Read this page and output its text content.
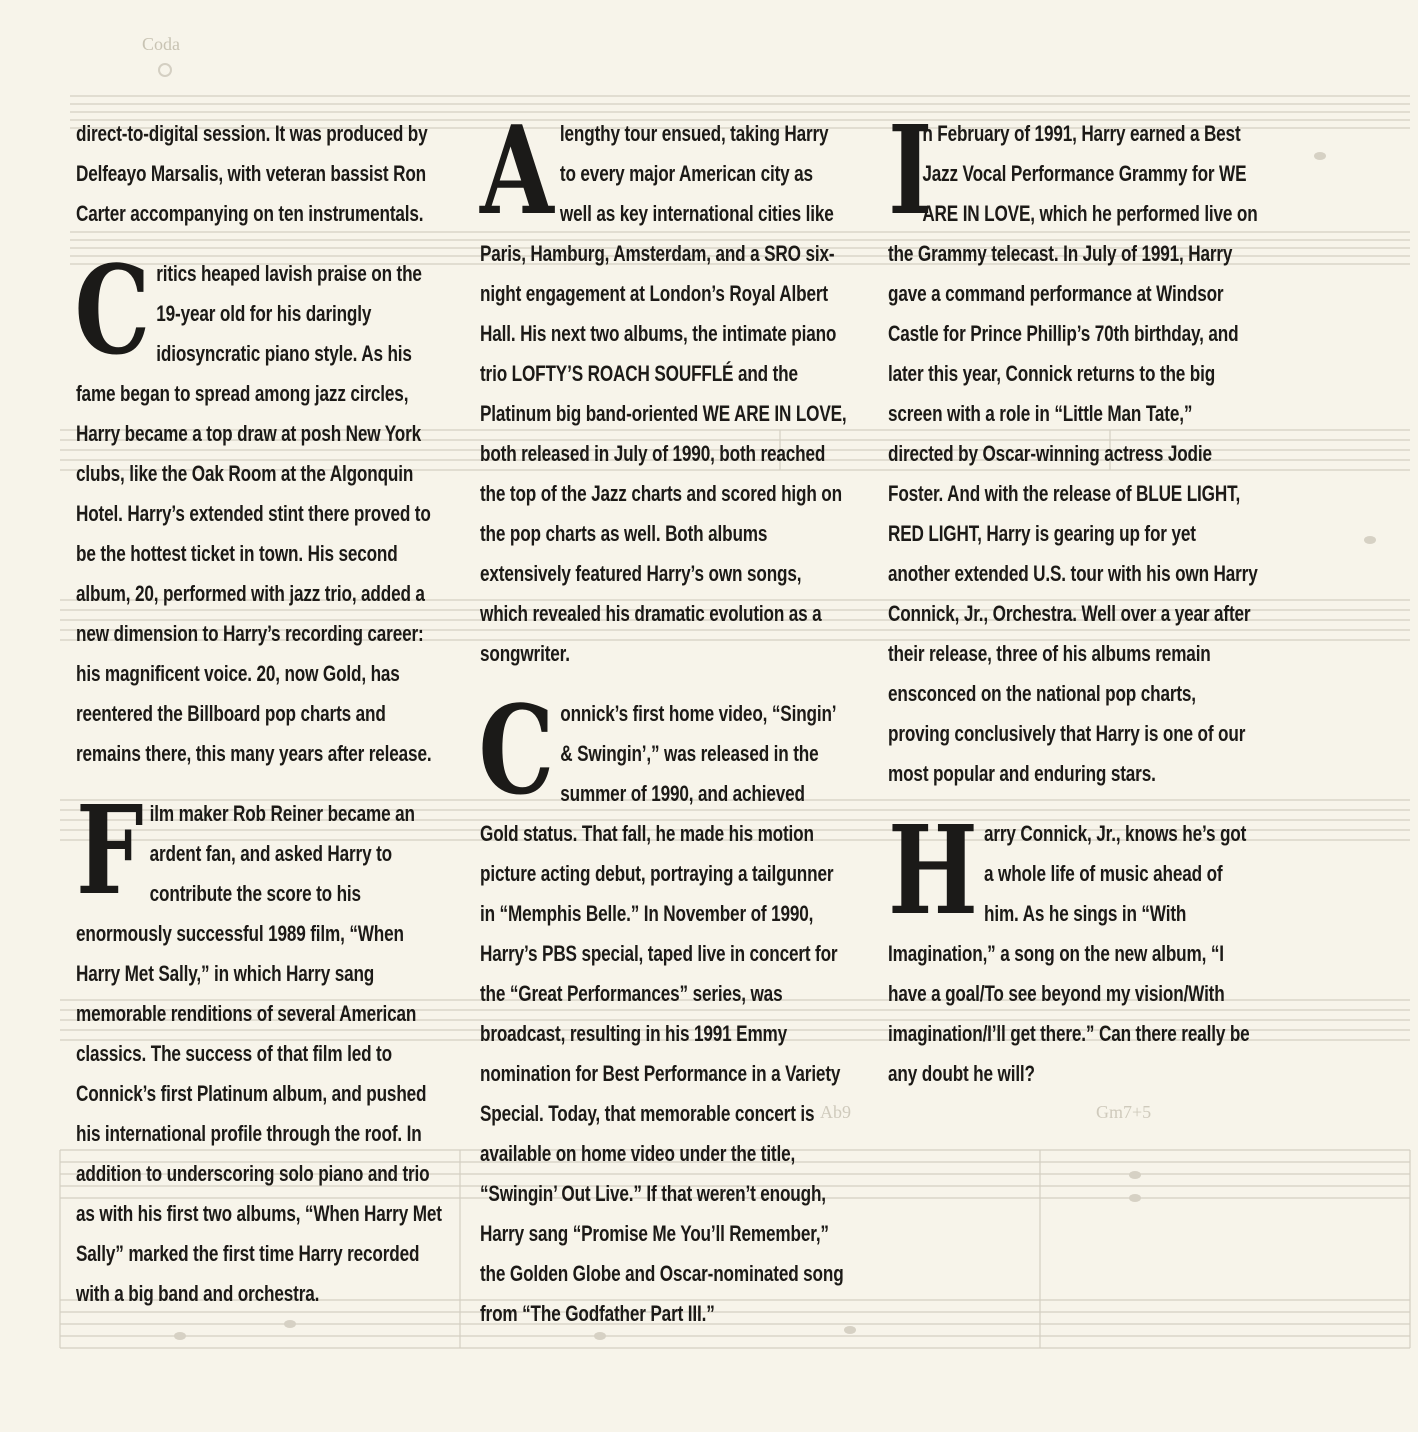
Ab9	Gm7+5
Coda

direct-to-digital session. It was produced by Delfeayo Marsalis, with veteran bassist Ron Carter accompanying on ten instrumentals.

Critics heaped lavish praise on the 19-year old for his daringly idiosyncratic piano style. As his fame began to spread among jazz circles, Harry became a top draw at posh New York clubs, like the Oak Room at the Algonquin Hotel. Harry’s extended stint there proved to be the hottest ticket in town. His second album, 20, performed with jazz trio, added a new dimension to Harry’s recording career: his magnificent voice. 20, now Gold, has reentered the Billboard pop charts and remains there, this many years after release.

Film maker Rob Reiner became an ardent fan, and asked Harry to contribute the score to his enormously successful 1989 film, “When Harry Met Sally,” in which Harry sang memorable renditions of several American classics. The success of that film led to Connick’s first Platinum album, and pushed his international profile through the roof. In addition to underscoring solo piano and trio as with his first two albums, “When Harry Met Sally” marked the first time Harry recorded with a big band and orchestra.

Alengthy tour ensued, taking Harry to every major American city as well as key international cities like Paris, Hamburg, Amsterdam, and a SRO six-night engagement at London’s Royal Albert Hall. His next two albums, the intimate piano trio LOFTY’S ROACH SOUFFLÉ and the Platinum big band-oriented WE ARE IN LOVE, both released in July of 1990, both reached the top of the Jazz charts and scored high on the pop charts as well. Both albums extensively featured Harry’s own songs, which revealed his dramatic evolution as a songwriter.

Connick’s first home video, “Singin’ & Swingin’,” was released in the summer of 1990, and achieved Gold status. That fall, he made his motion picture acting debut, portraying a tailgunner in “Memphis Belle.” In November of 1990, Harry’s PBS special, taped live in concert for the “Great Performances” series, was broadcast, resulting in his 1991 Emmy nomination for Best Performance in a Variety Special. Today, that memorable concert is available on home video under the title, “Swingin’ Out Live.” If that weren’t enough, Harry sang “Promise Me You’ll Remember,” the Golden Globe and Oscar-nominated song from “The Godfather Part III.”

I
n February of 1991, Harry earned a Best Jazz Vocal Performance Grammy for WE ARE IN LOVE, which he performed live on the Grammy telecast. In July of 1991, Harry gave a command performance at Windsor Castle for Prince Phillip’s 70th birthday, and later this year, Connick returns to the big screen with a role in “Little Man Tate,” directed by Oscar-winning actress Jodie Foster. And with the release of BLUE LIGHT, RED LIGHT, Harry is gearing up for yet another extended U.S. tour with his own Harry Connick, Jr., Orchestra. Well over a year after their release, three of his albums remain ensconced on the national pop charts, proving conclusively that Harry is one of our most popular and enduring stars.

Harry Connick, Jr., knows he’s got a whole life of music ahead of him. As he sings in “With Imagination,” a song on the new album, “I have a goal/To see beyond my vision/With imagination/I’ll get there.” Can there really be any doubt he will?
